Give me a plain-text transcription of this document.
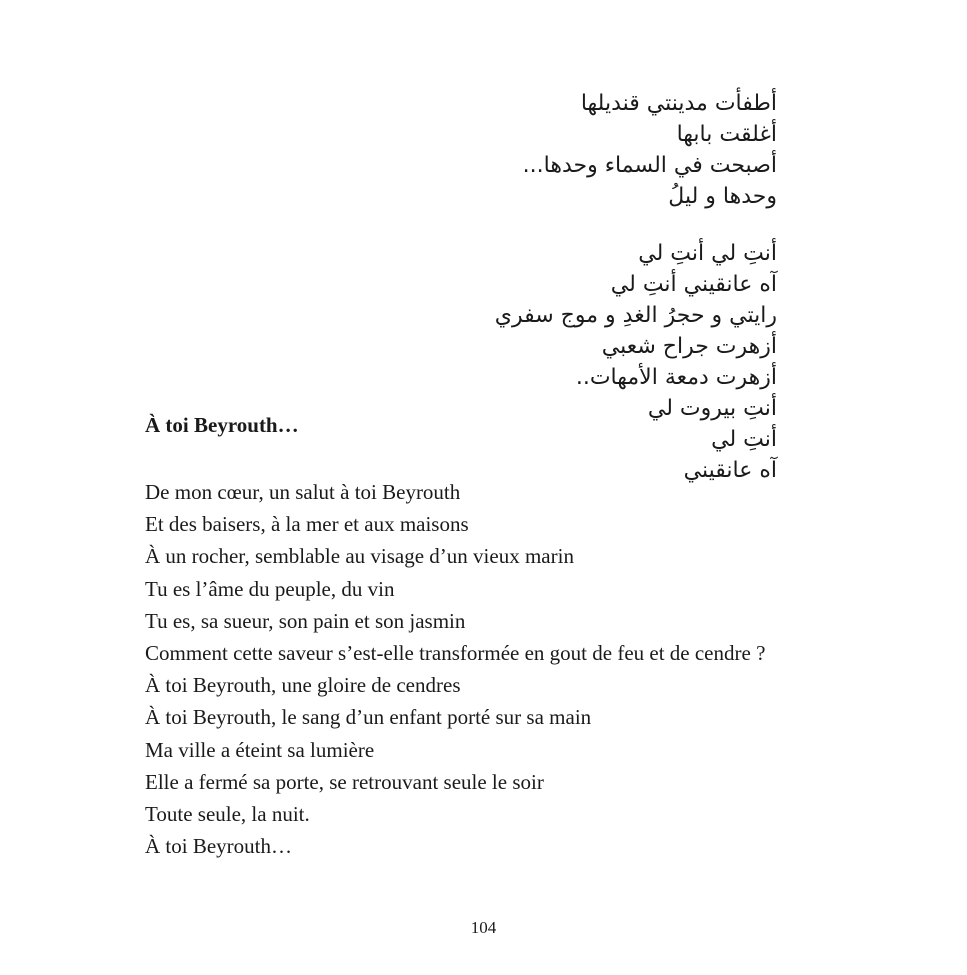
أطفأت مدينتي قنديلها
أغلقت بابها
أصبحت في السماء وحدها...
وحدها و ليلُ
أنتِ لي أنتِ لي
آه عانقيني أنتِ لي
رايتي و حجرُ الغدِ و موج سفري
أزهرت جراح شعبي
أزهرت دمعة الأمهات..
أنتِ بيروت لي
أنتِ لي
آه عانقيني
À toi Beyrouth…
De mon cœur, un salut à toi Beyrouth
Et des baisers, à la mer et aux maisons
À un rocher, semblable au visage d’un vieux marin
Tu es l’âme du peuple, du vin
Tu es, sa sueur, son pain et son jasmin
Comment cette saveur s’est-elle transformée en gout de feu et de cendre ?
À toi Beyrouth, une gloire de cendres
À toi Beyrouth, le sang d’un enfant porté sur sa main
Ma ville a éteint sa lumière
Elle a fermé sa porte, se retrouvant seule le soir
Toute seule, la nuit.
À toi Beyrouth…
104
